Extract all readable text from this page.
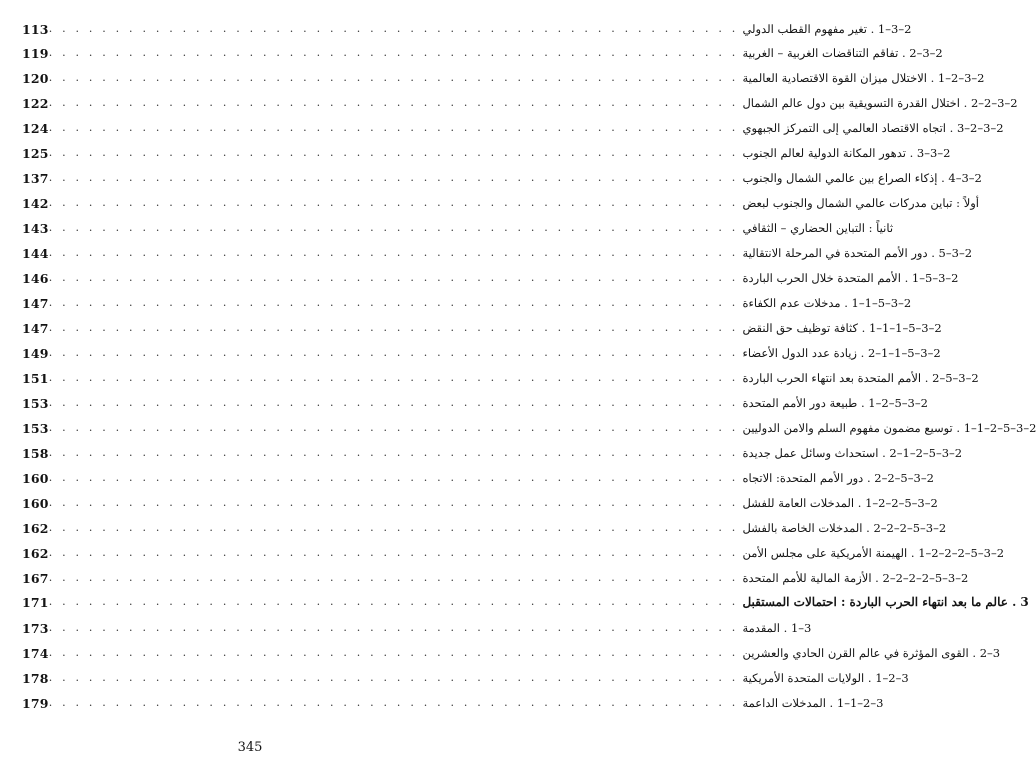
113 . . . . . . . . . . . . . . . . . . . . . . . . . . . . . . . . . . . . . . . . . . . . . . . . . . . . 2–3–1 . تغير مفهوم القطب الدولي
119 . . . . . . . . . . . . . . . . . . . . . . . . . . . . . . . . . . . . . . . . . . . . . . . . . . . . 2–3–2 . تفاقم التناقضات الغربية – الغربية
120 . . . . . . . . . . . . . . . . . . . . . . . . . . . . . . . . . . . . . . . . . . . . . . . . . . . . 2–3–2–1 . الاختلال ميزان القوة الاقتصادية العالمية
122 . . . . . . . . . . . . . . . . . . . . . . . . . . . . . . . . . . . . . . . . . . . . . . . . . . . . 2–3–2–2 . اختلال القدرة التسويقية بين دول عالم الشمال
124 . . . . . . . . . . . . . . . . . . . . . . . . . . . . . . . . . . . . . . . . . . . . . . . . . . . . 2–3–2–3 . اتجاه الاقتصاد العالمي إلى التمركز الجبهوي
125 . . . . . . . . . . . . . . . . . . . . . . . . . . . . . . . . . . . . . . . . . . . . . . . . . . . . 2–3–3 . تدهور المكانة الدولية لعالم الجنوب
137 . . . . . . . . . . . . . . . . . . . . . . . . . . . . . . . . . . . . . . . . . . . . . . . . . . . . 2–3–4 . إذكاء الصراع بين عالمي الشمال والجنوب
142 . . . . . . . . . . . . . . . . . . . . . . . . . . . . . . . . . . . . . . . . . . . . . . . . . . . . أولاً : تباين مدركات عالمي الشمال والجنوب لبعض
143 . . . . . . . . . . . . . . . . . . . . . . . . . . . . . . . . . . . . . . . . . . . . . . . . . . . . ثانياً : التباين الحضاري – الثقافي
144 . . . . . . . . . . . . . . . . . . . . . . . . . . . . . . . . . . . . . . . . . . . . . . . . . . . . 2–3–5 . دور الأمم المتحدة في المرحلة الانتقالية
146 . . . . . . . . . . . . . . . . . . . . . . . . . . . . . . . . . . . . . . . . . . . . . . . . . . . . 2–3–5–1 . الأمم المتحدة خلال الحرب الباردة
147 . . . . . . . . . . . . . . . . . . . . . . . . . . . . . . . . . . . . . . . . . . . . . . . . . . . . 2–3–5–1–1 . مدخلات عدم الكفاءة
147 . . . . . . . . . . . . . . . . . . . . . . . . . . . . . . . . . . . . . . . . . . . . . . . . . . . . 2–3–5–1–1–1 . كثافة توظيف حق النقض
149 . . . . . . . . . . . . . . . . . . . . . . . . . . . . . . . . . . . . . . . . . . . . . . . . . . . . 2–3–5–1–1–2 . زيادة عدد الدول الأعضاء
151 . . . . . . . . . . . . . . . . . . . . . . . . . . . . . . . . . . . . . . . . . . . . . . . . . . . . 2–3–5–2 . الأمم المتحدة بعد انتهاء الحرب الباردة
153 . . . . . . . . . . . . . . . . . . . . . . . . . . . . . . . . . . . . . . . . . . . . . . . . . . . . 2–3–5–2–1 . طبيعة دور الأمم المتحدة
153 . . . . . . . . . . . . . . . . . . . . . . . . . . . . . . . . . . . . . . . . . . . . . . . . . . . . 2–3–5–2–1–1 . توسيع مضمون مفهوم السلم والامن الدوليين
158 . . . . . . . . . . . . . . . . . . . . . . . . . . . . . . . . . . . . . . . . . . . . . . . . . . . . 2–3–5–2–1–2 . استحداث وسائل عمل جديدة
160 . . . . . . . . . . . . . . . . . . . . . . . . . . . . . . . . . . . . . . . . . . . . . . . . . . . . 2–3–5–2–2 . دور الأمم المتحدة: الاتجاه
160 . . . . . . . . . . . . . . . . . . . . . . . . . . . . . . . . . . . . . . . . . . . . . . . . . . . . 2–3–5–2–2–1 . المدخلات العامة للفشل
162 . . . . . . . . . . . . . . . . . . . . . . . . . . . . . . . . . . . . . . . . . . . . . . . . . . . . 2–3–5–2–2–2 . المدخلات الخاصة بالفشل
162 . . . . . . . . . . . . . . . . . . . . . . . . . . . . . . . . . . . . . . . . . . . . . . . . . . . . 2–3–5–2–2–2–1 . الهيمنة الأمريكية على مجلس الأمن
167 . . . . . . . . . . . . . . . . . . . . . . . . . . . . . . . . . . . . . . . . . . . . . . . . . . . . 2–3–5–2–2–2–2 . الأزمة المالية للأمم المتحدة
171 . . . . . . . . . . . . . . . . . . . . . . . . . . . . . . . . . . . . . . . . . . . . . . . . . . . . 3 . عالم ما بعد انتهاء الحرب الباردة : احتمالات المستقبل
173 . . . . . . . . . . . . . . . . . . . . . . . . . . . . . . . . . . . . . . . . . . . . . . . . . . . . 3–1 . المقدمة
174 . . . . . . . . . . . . . . . . . . . . . . . . . . . . . . . . . . . . . . . . . . . . . . . . . . . . 3–2 . القوى المؤثرة في عالم القرن الحادي والعشرين
178 . . . . . . . . . . . . . . . . . . . . . . . . . . . . . . . . . . . . . . . . . . . . . . . . . . . . 3–2–1 . الولايات المتحدة الأمريكية
179 . . . . . . . . . . . . . . . . . . . . . . . . . . . . . . . . . . . . . . . . . . . . . . . . . . . . 3–2–1–1 . المدخلات الداعمة
345
